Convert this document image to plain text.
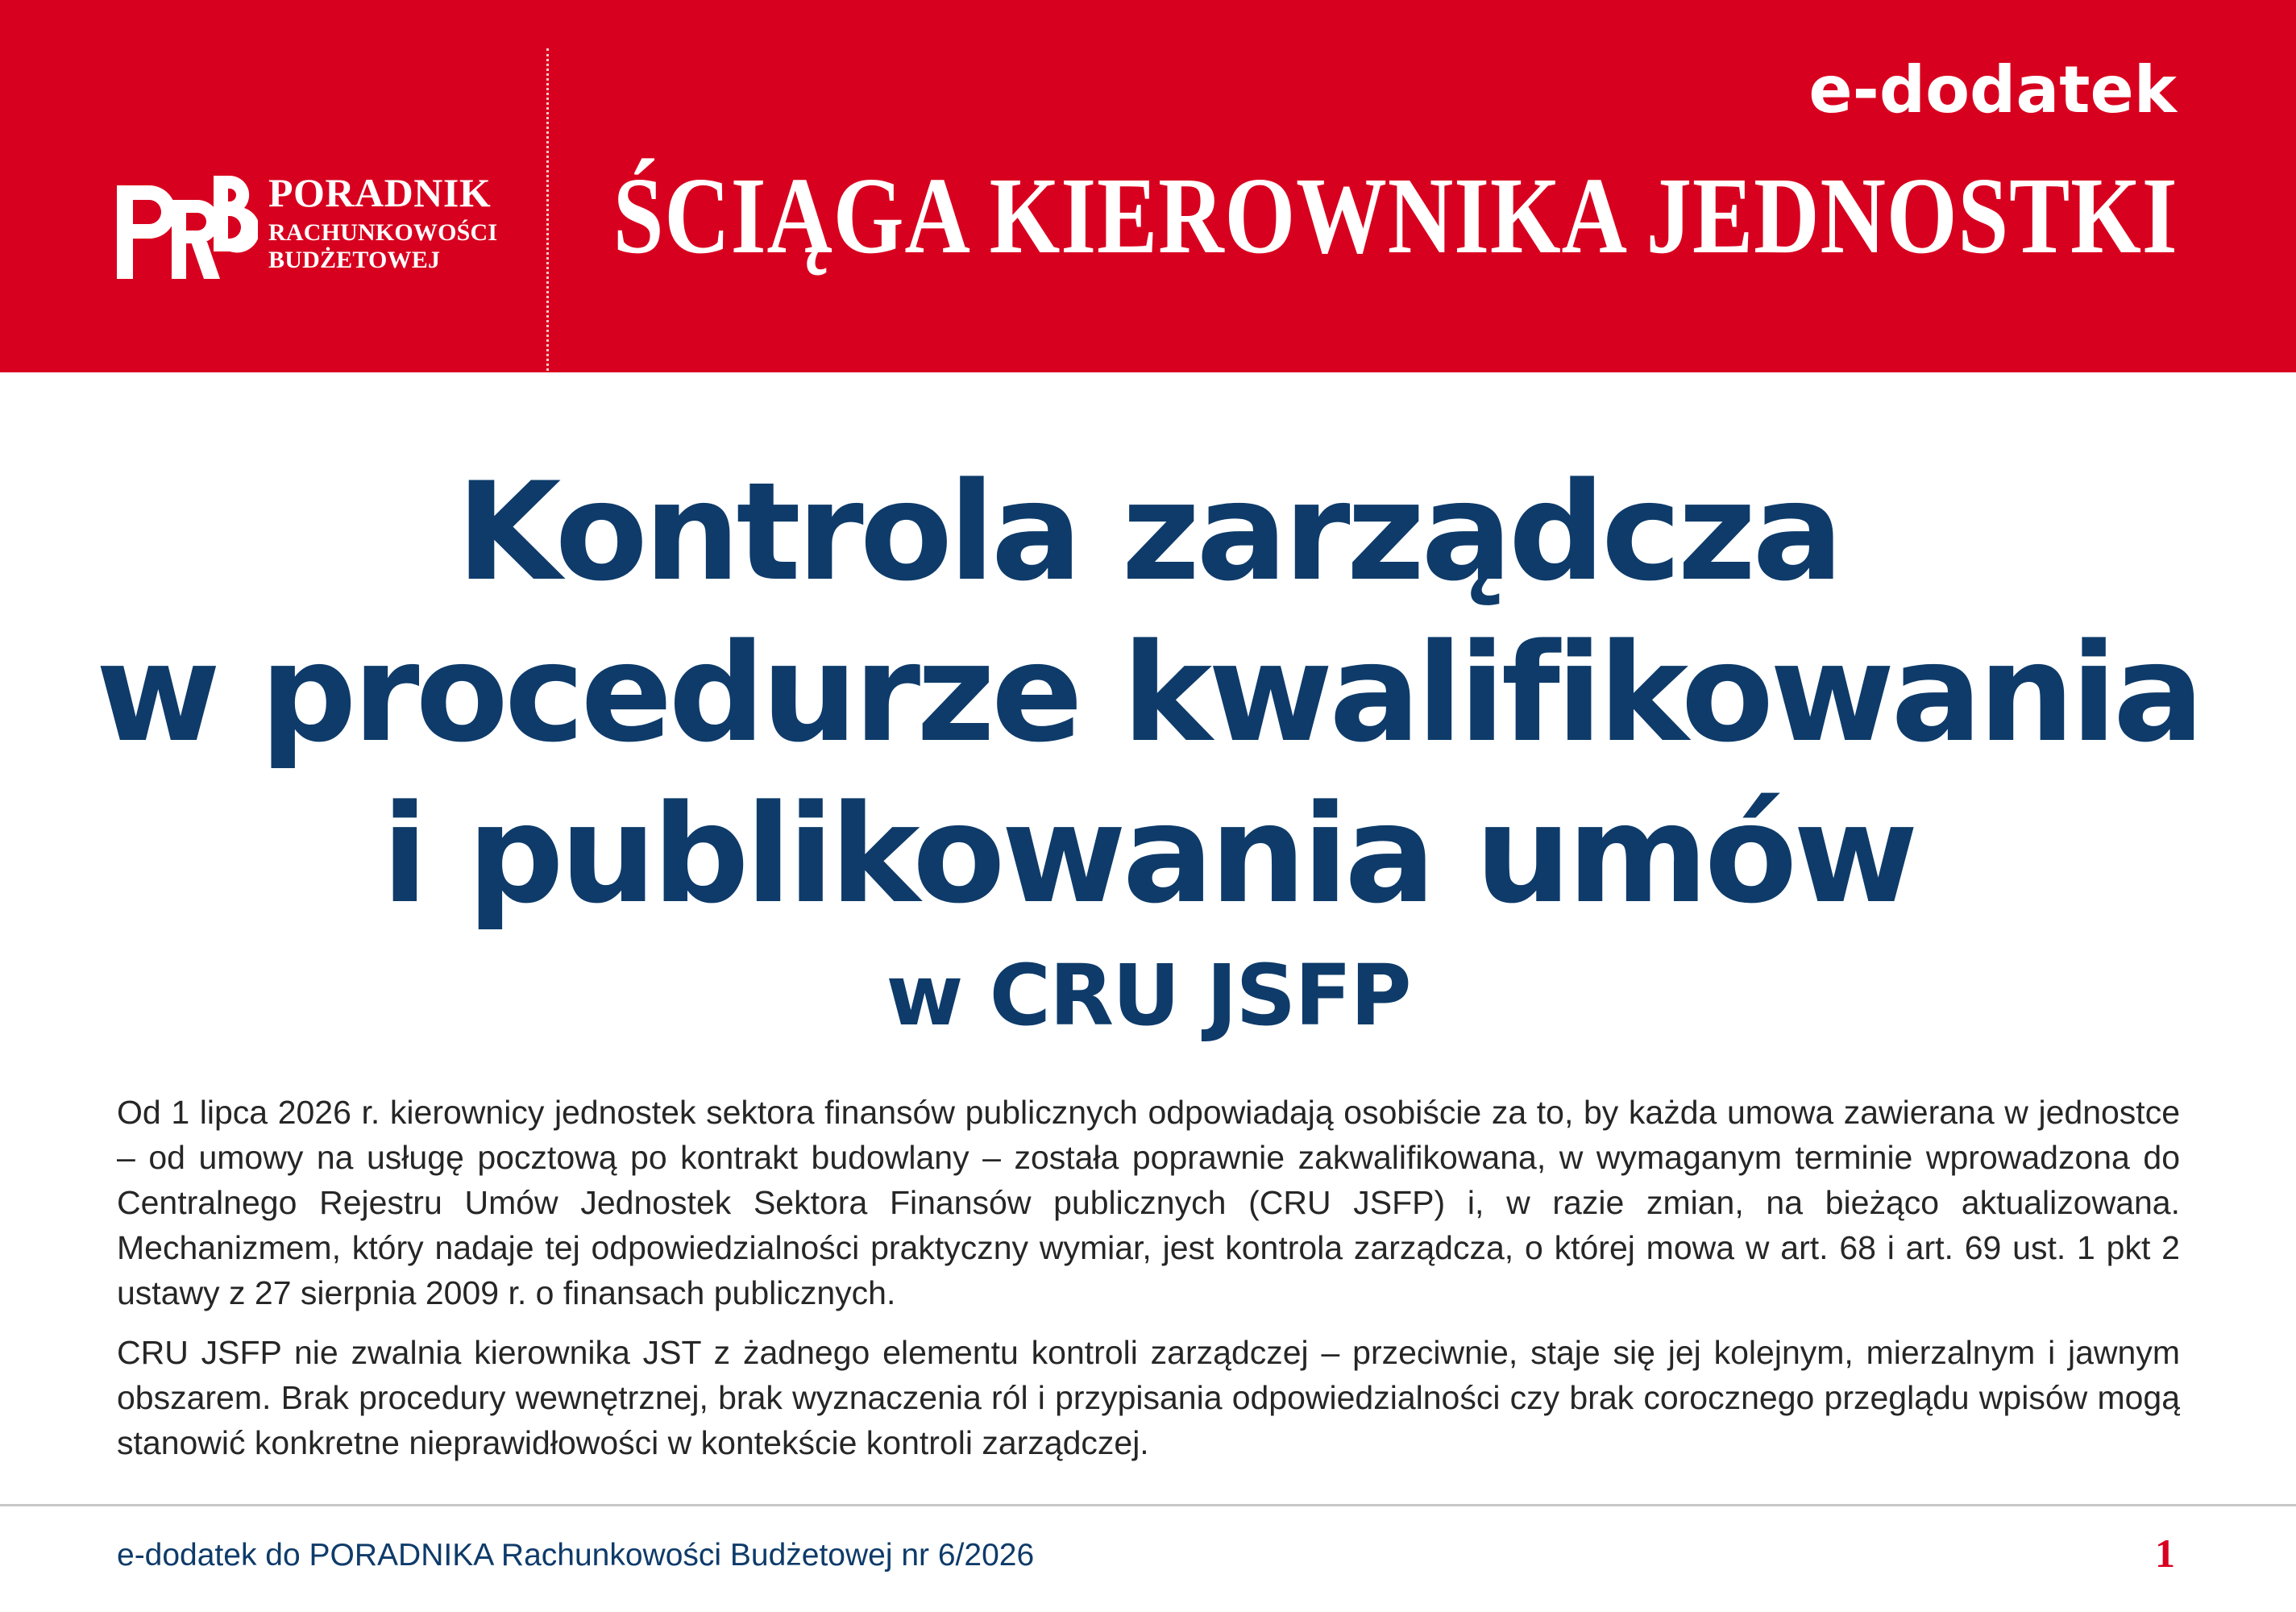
PORADNIK
RACHUNKOWOŚCI
BUDŻETOWEJ
e-dodatek
ŚCIĄGA KIEROWNIKA JEDNOSTKI
Kontrola zarządcza
w procedurze kwalifikowania
i publikowania umów
w CRU JSFP

Od 1 lipca 2026 r. kierownicy jednostek sektora finansów publicznych odpowiadają osobiście za to, by każda umowa zawierana w jednostce – od umowy na usługę pocztową po kontrakt budowlany – została poprawnie zakwalifikowana, w wymaganym terminie wprowadzona do Centralnego Rejestru Umów Jednostek Sektora Finansów publicznych (CRU JSFP) i, w razie zmian, na bieżąco aktualizowana. Mechanizmem, który nadaje tej odpowiedzialności praktyczny wymiar, jest kontrola zarządcza, o której mowa w art. 68 i art. 69 ust. 1 pkt 2 ustawy z 27 sierpnia 2009 r. o finansach publicznych.

CRU JSFP nie zwalnia kierownika JST z żadnego elementu kontroli zarządczej – przeciwnie, staje się jej kolejnym, mierzalnym i jawnym obszarem. Brak procedury wewnętrznej, brak wyznaczenia ról i przypisania odpowiedzialności czy brak corocznego przeglądu wpisów mogą stanowić konkretne nieprawidłowości w kontekście kontroli zarządczej.

e-dodatek do PORADNIKA Rachunkowości Budżetowej nr 6/2026	1
